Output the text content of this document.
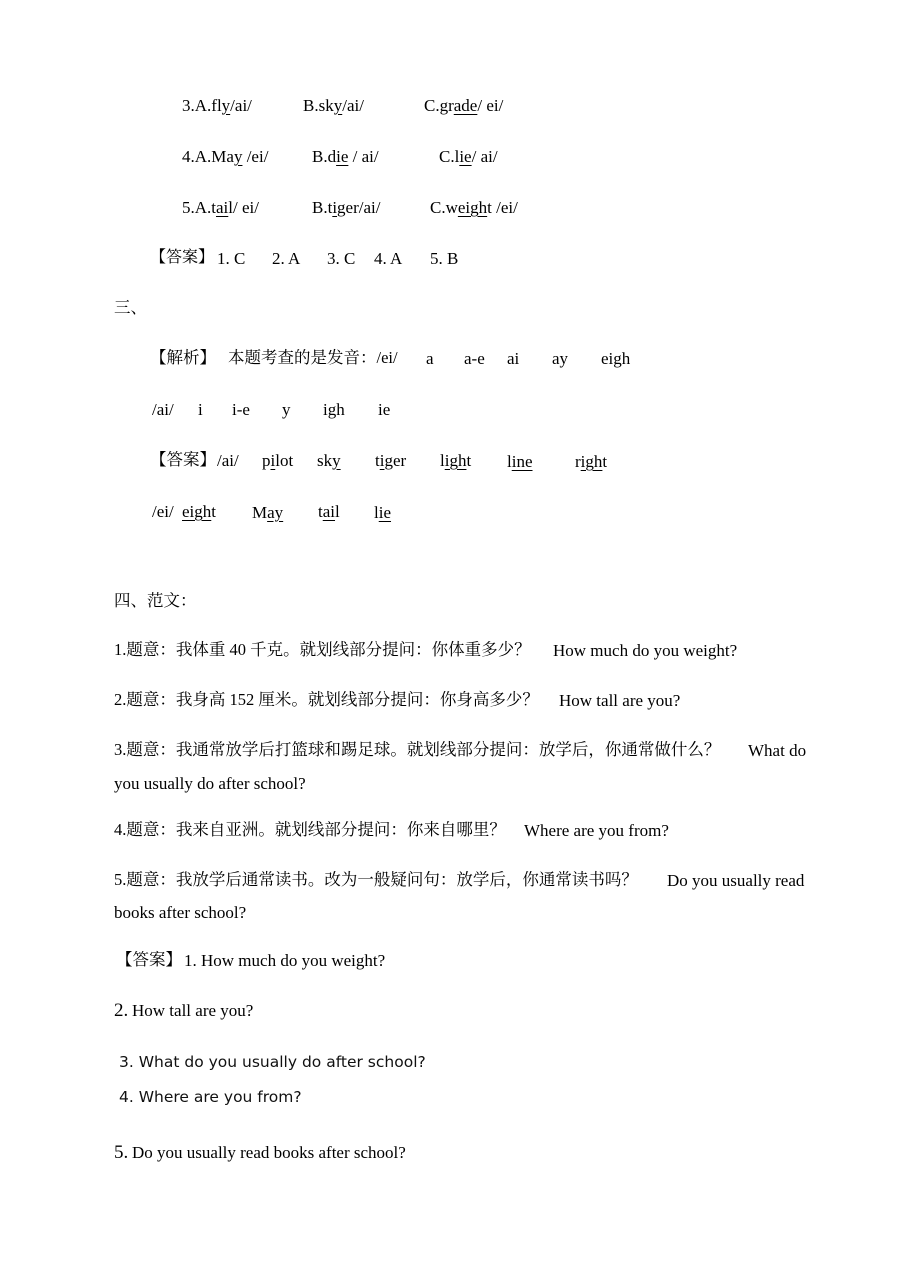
3.A.fly/ai/	B.sky/ai/	C.grade/ ei/
4.A.May /ei/	B.die / ai/	C.lie/ ai/
5.A.tail/ ei/	B.tiger/ai/	C.weight /ei/
【答案】 1. C 2. A 3. C 4. A 5. B
三、
【解析】 本题考查的是发音：/ei/ a a-e ai ay eigh
/ai/ i i-e y igh ie
【答案】 /ai/ pilot sky tiger light line right
/ei/ eight May tail lie
四、范文：
1.题意：我体重 40 千克。就划线部分提问：你体重多少？ How much do you weight?
2.题意：我身高 152 厘米。就划线部分提问：你身高多少？ How tall are you?
3.题意：我通常放学后打篮球和踢足球。就划线部分提问：放学后，你通常做什么？ What do
you usually do after school?
4.题意：我来自亚洲。就划线部分提问：你来自哪里？ Where are you from?
5.题意：我放学后通常读书。改为一般疑问句：放学后，你通常读书吗？ Do you usually read
books after school?
【答案】 1. How much do you weight?
2. How tall are you?
3. What do you usually do after school?
4. Where are you from?
5. Do you usually read books after school?
